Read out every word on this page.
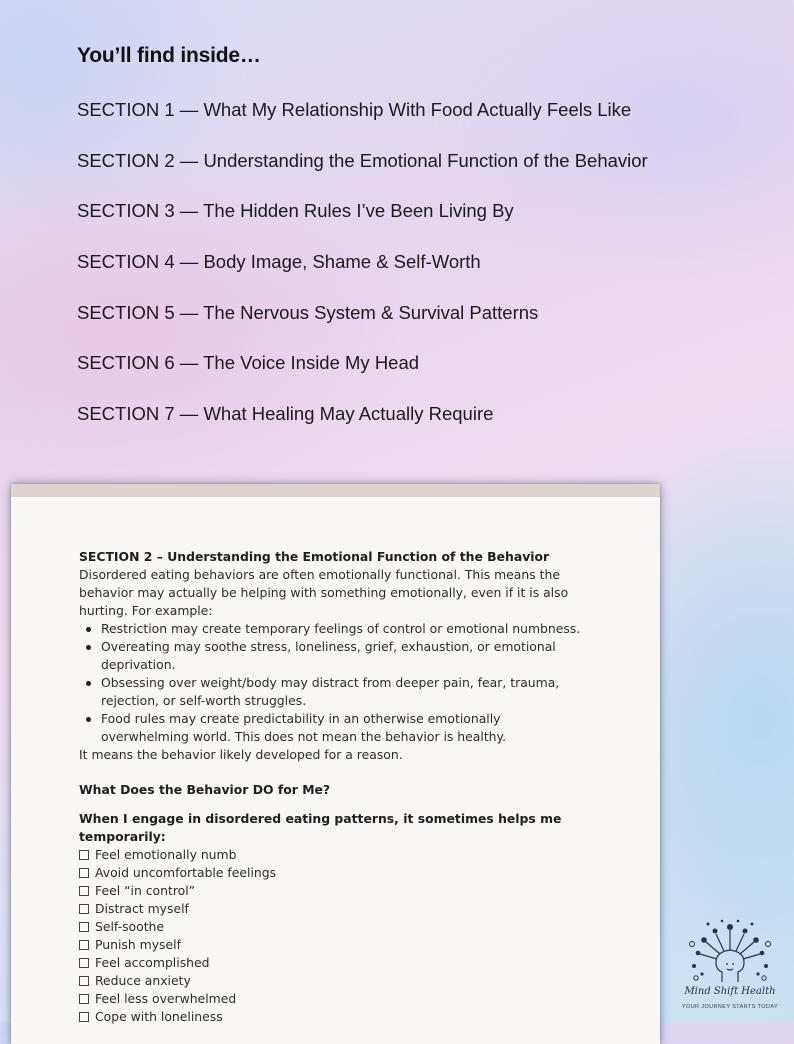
You’ll find inside…
SECTION 1 — What My Relationship With Food Actually Feels Like
SECTION 2 — Understanding the Emotional Function of the Behavior
SECTION 3 — The Hidden Rules I’ve Been Living By
SECTION 4 — Body Image, Shame & Self-Worth
SECTION 5 — The Nervous System & Survival Patterns
SECTION 6 — The Voice Inside My Head
SECTION 7 — What Healing May Actually Require

SECTION 2 – Understanding the Emotional Function of the Behavior

Disordered eating behaviors are often emotionally functional. This means the

behavior may actually be helping with something emotionally, even if it is also

hurting. For example:

Restriction may create temporary feelings of control or emotional numbness.
Overeating may soothe stress, loneliness, grief, exhaustion, or emotional
deprivation.
Obsessing over weight/body may distract from deeper pain, fear, trauma,
rejection, or self-worth struggles.
Food rules may create predictability in an otherwise emotionally
overwhelming world. This does not mean the behavior is healthy.

It means the behavior likely developed for a reason.

What Does the Behavior DO for Me?

When I engage in disordered eating patterns, it sometimes helps me

temporarily:

Feel emotionally numb
Avoid uncomfortable feelings
Feel “in control”
Distract myself
Self-soothe
Punish myself
Feel accomplished
Reduce anxiety
Feel less overwhelmed
Cope with loneliness
Mind Shift Health
YOUR JOURNEY STARTS TODAY
